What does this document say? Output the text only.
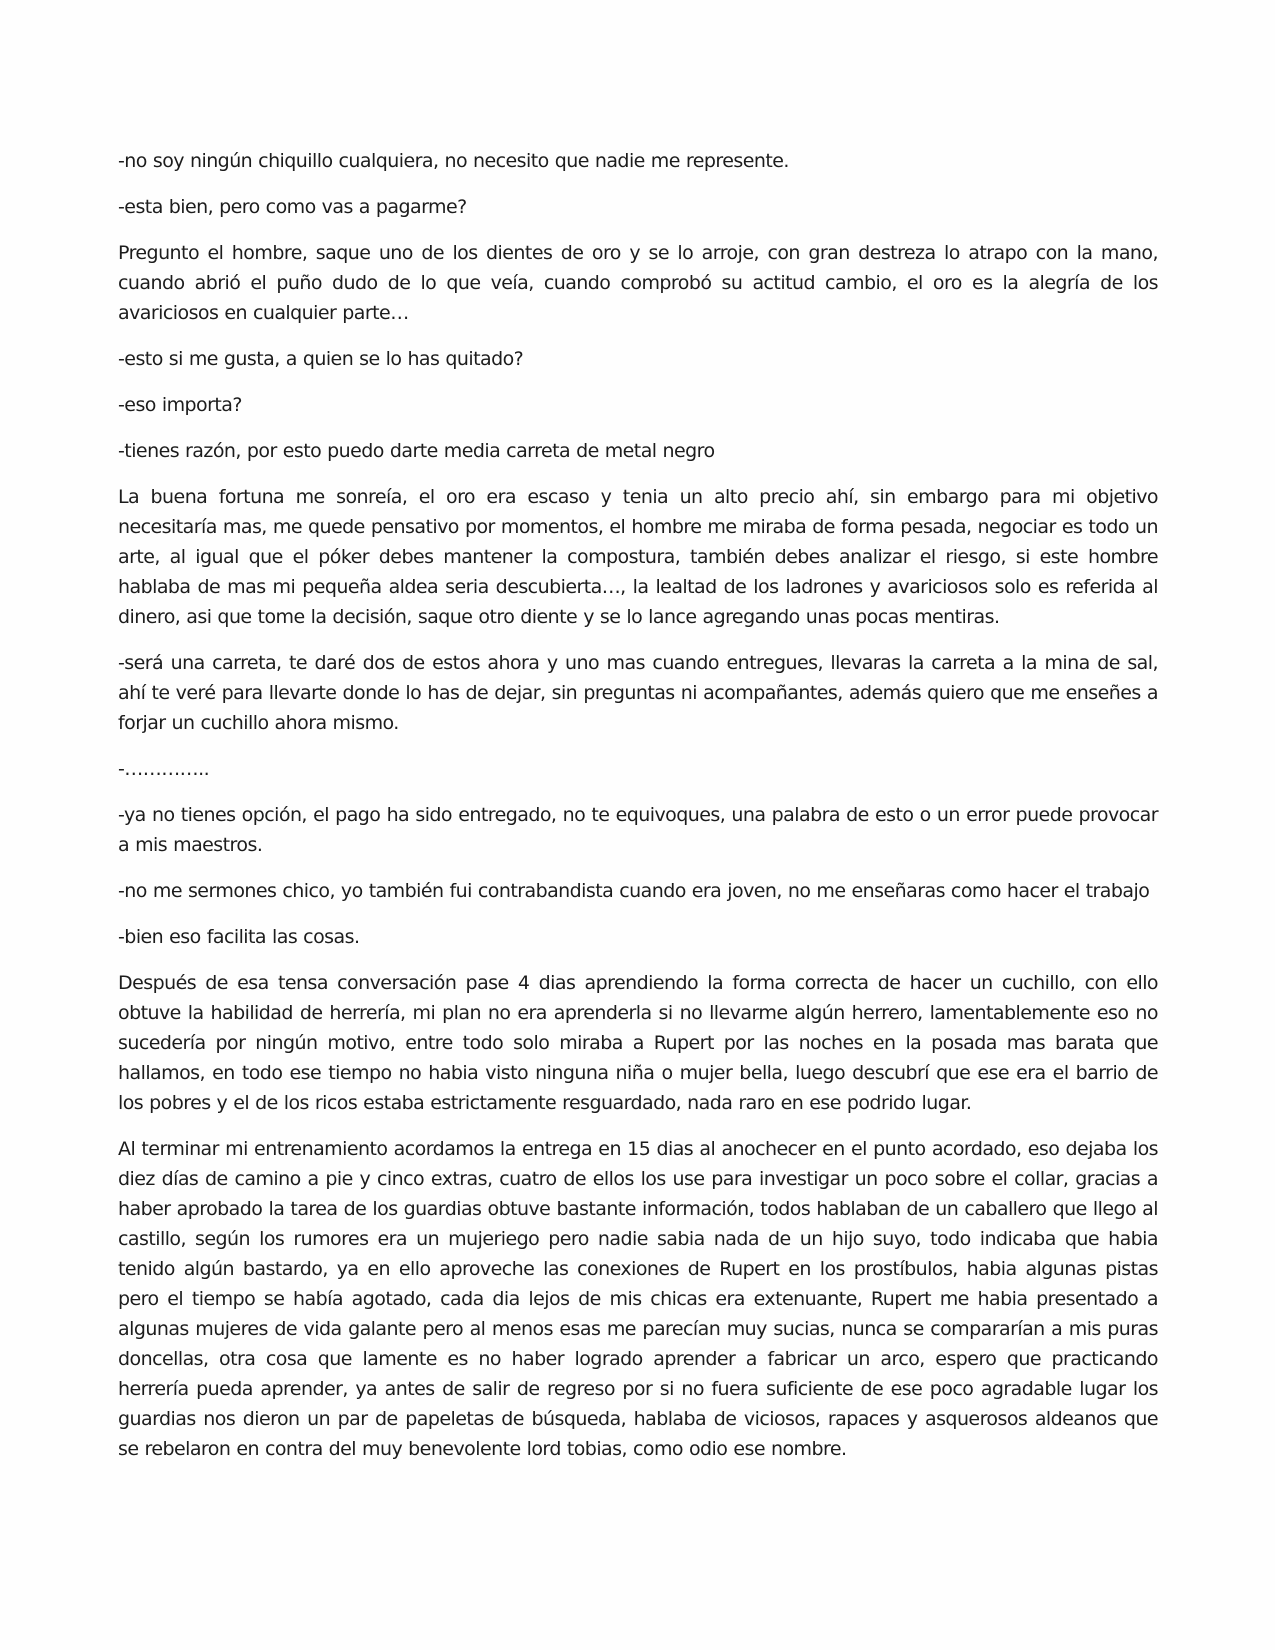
-no soy ningún chiquillo cualquiera, no necesito que nadie me represente.

-esta bien, pero como vas a pagarme?

Pregunto el hombre, saque uno de los dientes de oro y se lo arroje, con gran destreza lo atrapo con la mano, cuando abrió el puño dudo de lo que veía, cuando comprobó su actitud cambio, el oro es la alegría de los avariciosos en cualquier parte…

-esto si me gusta, a quien se lo has quitado?

-eso importa?

-tienes razón, por esto puedo darte media carreta de metal negro

La buena fortuna me sonreía, el oro era escaso y tenia un alto precio ahí, sin embargo para mi objetivo necesitaría mas, me quede pensativo por momentos, el hombre me miraba de forma pesada, negociar es todo un arte, al igual que el póker debes mantener la compostura, también debes analizar el riesgo, si este hombre hablaba de mas mi pequeña aldea seria descubierta…, la lealtad de los ladrones y avariciosos solo es referida al dinero, asi que tome la decisión, saque otro diente y se lo lance agregando unas pocas mentiras.

-será una carreta, te daré dos de estos ahora y uno mas cuando entregues, llevaras la carreta a la mina de sal, ahí te veré para llevarte donde lo has de dejar, sin preguntas ni acompañantes, además quiero que me enseñes a forjar un cuchillo ahora mismo.

-…………..

-ya no tienes opción, el pago ha sido entregado, no te equivoques, una palabra de esto o un error puede provocar a mis maestros.

-no me sermones chico, yo también fui contrabandista cuando era joven, no me enseñaras como hacer el trabajo

-bien eso facilita las cosas.

Después de esa tensa conversación pase 4 dias aprendiendo la forma correcta de hacer un cuchillo, con ello obtuve la habilidad de herrería, mi plan no era aprenderla si no llevarme algún herrero, lamentablemente eso no sucedería por ningún motivo, entre todo solo miraba a Rupert por las noches en la posada mas barata que hallamos, en todo ese tiempo no habia visto ninguna niña o mujer bella, luego descubrí que ese era el barrio de los pobres y el de los ricos estaba estrictamente resguardado, nada raro en ese podrido lugar.

Al terminar mi entrenamiento acordamos la entrega en 15 dias al anochecer en el punto acordado, eso dejaba los diez días de camino a pie y cinco extras, cuatro de ellos los use para investigar un poco sobre el collar, gracias a haber aprobado la tarea de los guardias obtuve bastante información, todos hablaban de un caballero que llego al castillo, según los rumores era un mujeriego pero nadie sabia nada de un hijo suyo, todo indicaba que habia tenido algún bastardo, ya en ello aproveche las conexiones de Rupert en los prostíbulos, habia algunas pistas pero el tiempo se había agotado, cada dia lejos de mis chicas era extenuante, Rupert me habia presentado a algunas mujeres de vida galante pero al menos esas me parecían muy sucias, nunca se compararían a mis puras doncellas, otra cosa que lamente es no haber logrado aprender a fabricar un arco, espero que practicando herrería pueda aprender, ya antes de salir de regreso por si no fuera suficiente de ese poco agradable lugar los guardias nos dieron un par de papeletas de búsqueda, hablaba de viciosos, rapaces y asquerosos aldeanos que se rebelaron en contra del muy benevolente lord tobias, como odio ese nombre.
